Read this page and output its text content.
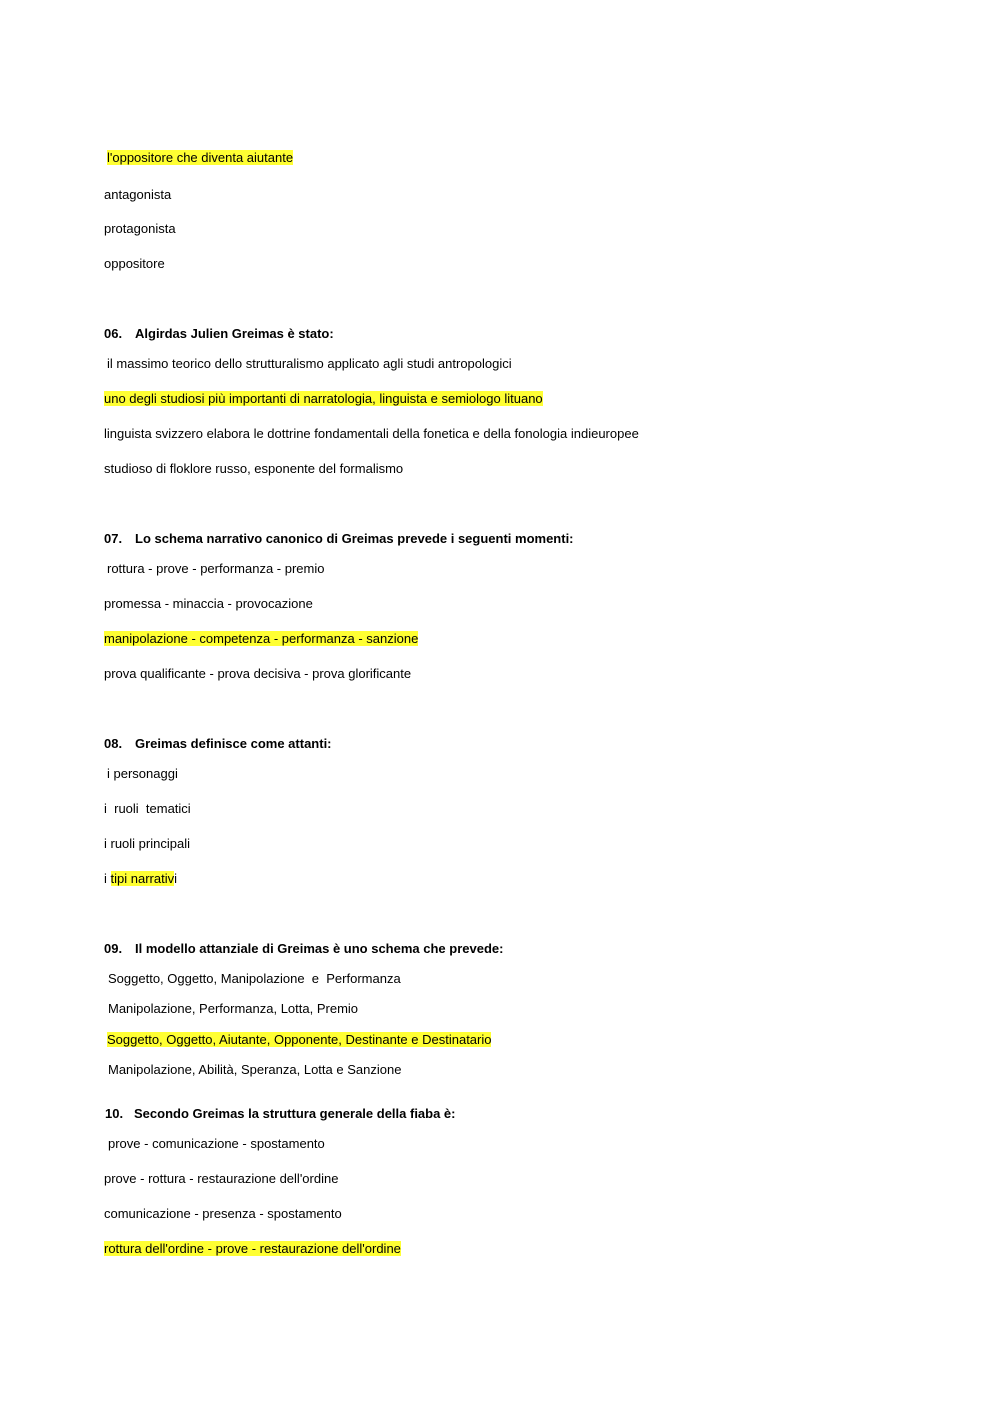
l'oppositore che diventa aiutante
antagonista
protagonista
oppositore
06. Algirdas Julien Greimas è stato:
il massimo teorico dello strutturalismo applicato agli studi antropologici
uno degli studiosi più importanti di narratologia, linguista e semiologo lituano
linguista svizzero elabora le dottrine fondamentali della fonetica e della fonologia indieuropee
studioso di floklore russo, esponente del formalismo
07. Lo schema narrativo canonico di Greimas prevede i seguenti momenti:
rottura - prove - performanza - premio
promessa - minaccia - provocazione
manipolazione - competenza - performanza - sanzione
prova qualificante - prova decisiva - prova glorificante
08. Greimas definisce come attanti:
i personaggi
i  ruoli  tematici
i ruoli principali
i tipi narrativi
09. Il modello attanziale di Greimas è uno schema che prevede:
Soggetto, Oggetto, Manipolazione  e  Performanza
Manipolazione, Performanza, Lotta, Premio
Soggetto, Oggetto, Aiutante, Opponente, Destinante e Destinatario
Manipolazione, Abilità, Speranza, Lotta e Sanzione
10. Secondo Greimas la struttura generale della fiaba è:
prove - comunicazione - spostamento
prove - rottura - restaurazione dell'ordine
comunicazione - presenza - spostamento
rottura dell'ordine - prove - restaurazione dell'ordine
